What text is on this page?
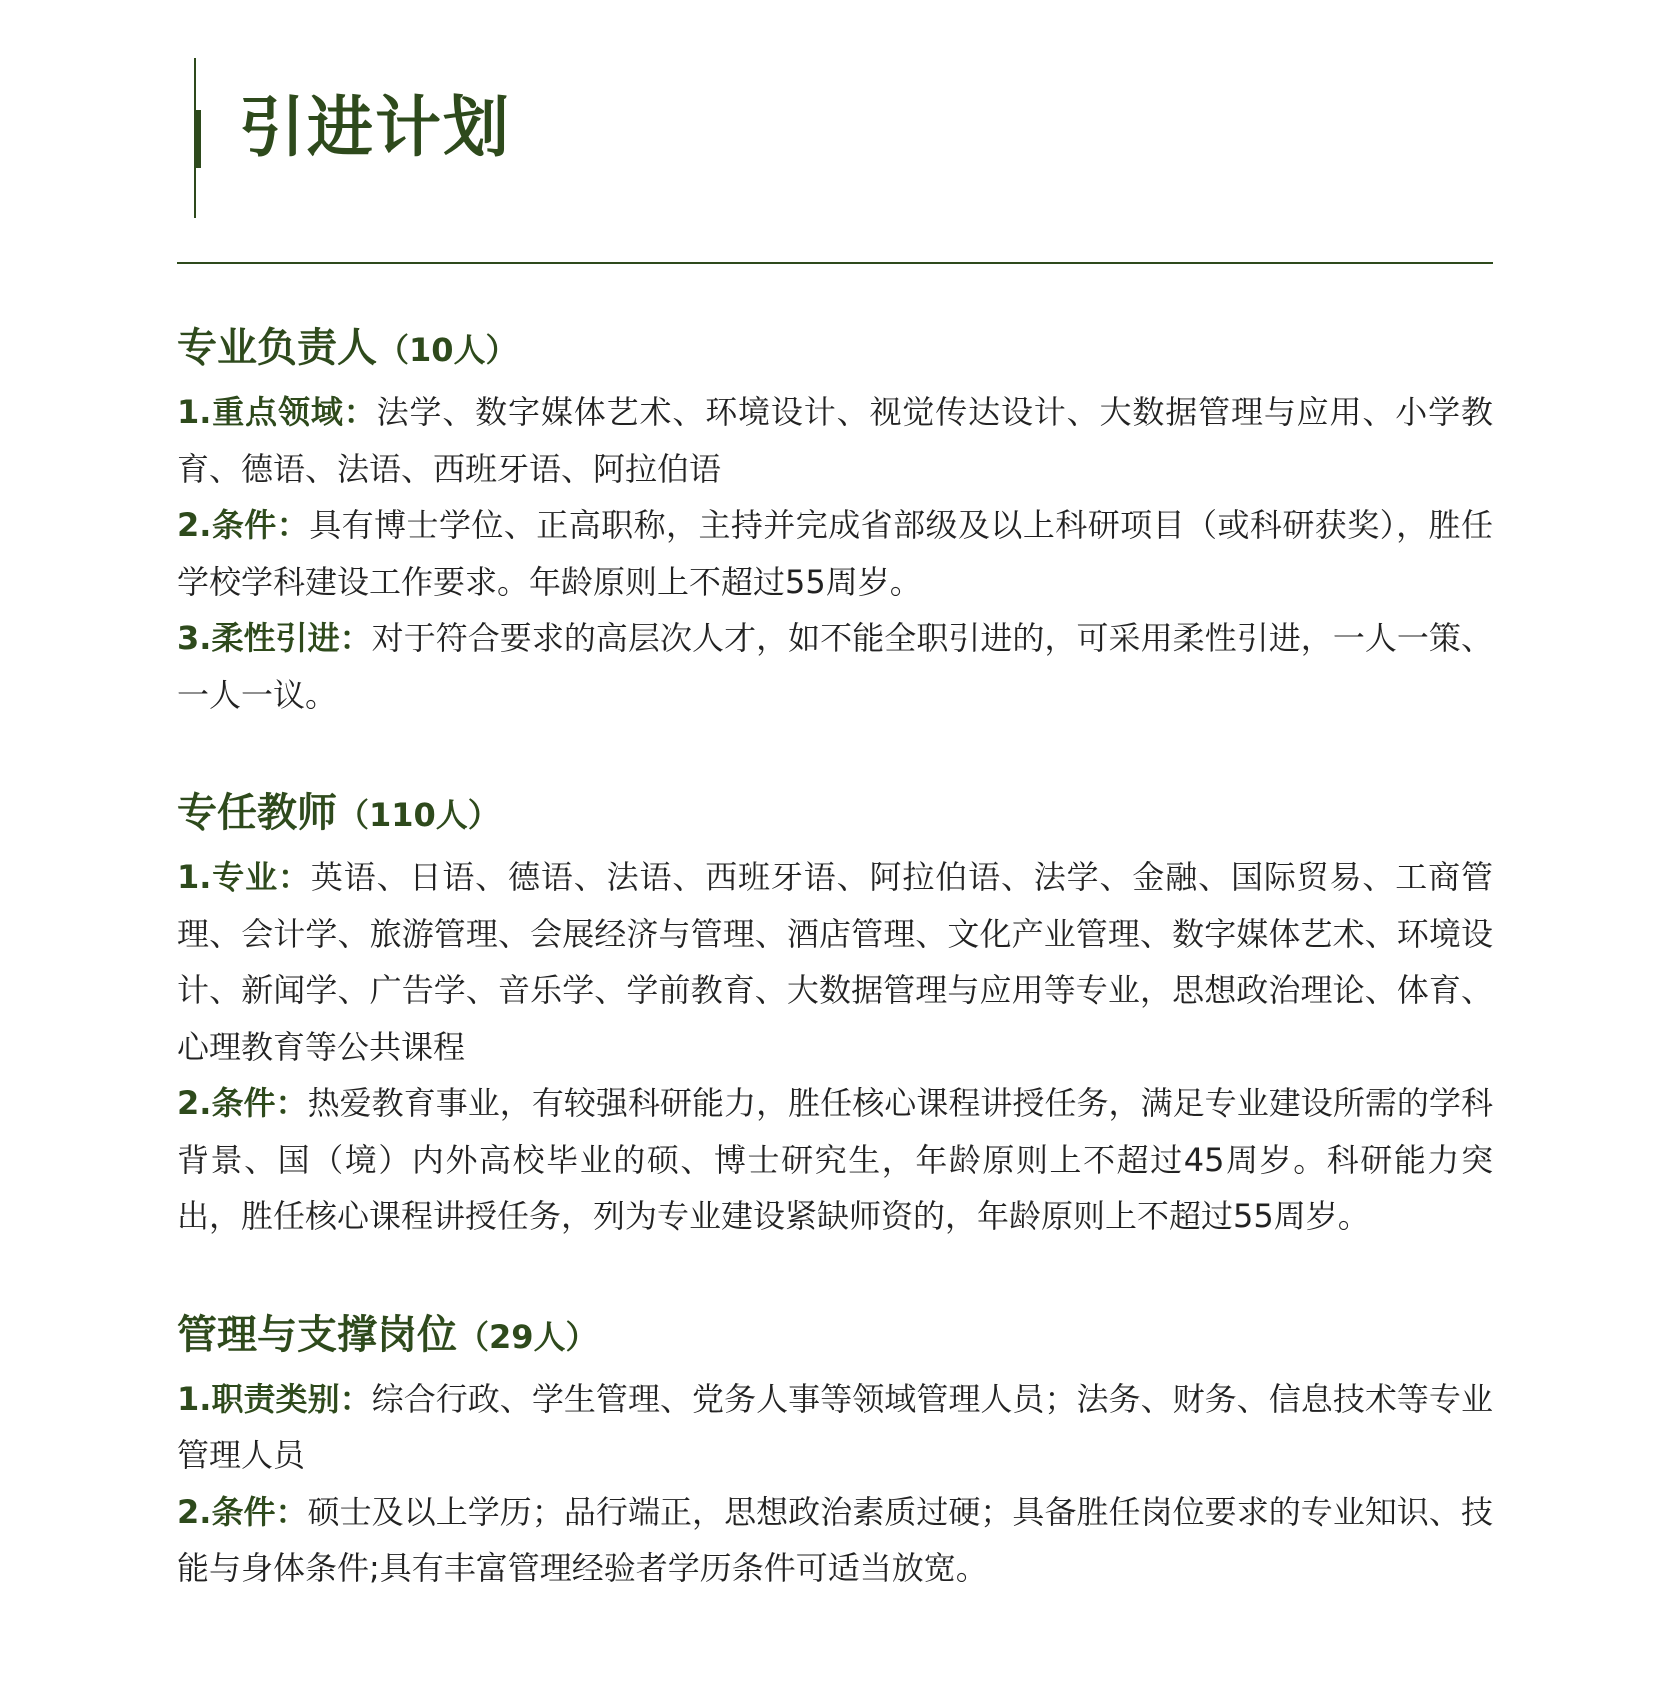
引进计划
专业负责人（10人）

1.重点领域：法学、数字媒体艺术、环境设计、视觉传达设计、大数据管理与应用、小学教育、德语、法语、西班牙语、阿拉伯语

2.条件：具有博士学位、正高职称，主持并完成省部级及以上科研项目（或科研获奖），胜任学校学科建设工作要求。年龄原则上不超过55周岁。

3.柔性引进：对于符合要求的高层次人才，如不能全职引进的，可采用柔性引进，一人一策、一人一议。

专任教师（110人）

1.专业：英语、日语、德语、法语、西班牙语、阿拉伯语、法学、金融、国际贸易、工商管理、会计学、旅游管理、会展经济与管理、酒店管理、文化产业管理、数字媒体艺术、环境设计、新闻学、广告学、音乐学、学前教育、大数据管理与应用等专业，思想政治理论、体育、心理教育等公共课程

2.条件：热爱教育事业，有较强科研能力，胜任核心课程讲授任务，满足专业建设所需的学科背景、国（境）内外高校毕业的硕、博士研究生，年龄原则上不超过45周岁。科研能力突出，胜任核心课程讲授任务，列为专业建设紧缺师资的，年龄原则上不超过55周岁。

管理与支撑岗位（29人）

1.职责类别：综合行政、学生管理、党务人事等领域管理人员；法务、财务、信息技术等专业管理人员

2.条件：硕士及以上学历；品行端正，思想政治素质过硬；具备胜任岗位要求的专业知识、技能与身体条件;具有丰富管理经验者学历条件可适当放宽。
